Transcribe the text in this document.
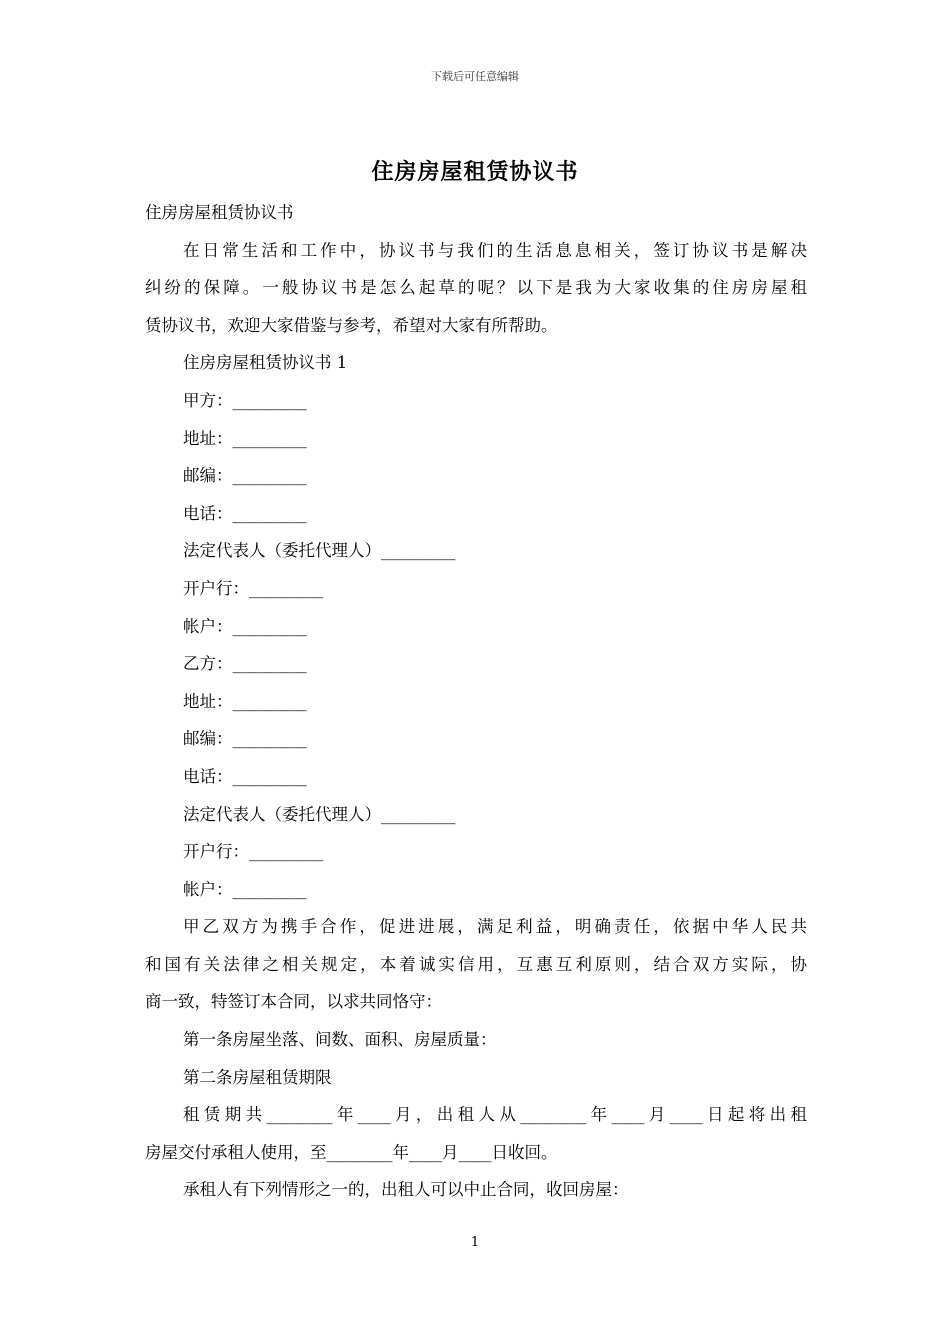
下载后可任意编辑
住房房屋租赁协议书
住房房屋租赁协议书
在日常生活和工作中，协议书与我们的生活息息相关，签订协议书是解决
纠纷的保障。一般协议书是怎么起草的呢？以下是我为大家收集的住房房屋租
赁协议书，欢迎大家借鉴与参考，希望对大家有所帮助。
住房房屋租赁协议书 1
甲方：_________
地址：_________
邮编：_________
电话：_________
法定代表人（委托代理人）_________
开户行：_________
帐户：_________
乙方：_________
地址：_________
邮编：_________
电话：_________
法定代表人（委托代理人）_________
开户行：_________
帐户：_________
甲乙双方为携手合作，促进进展，满足利益，明确责任，依据中华人民共
和国有关法律之相关规定，本着诚实信用，互惠互利原则，结合双方实际，协
商一致，特签订本合同，以求共同恪守：
第一条房屋坐落、间数、面积、房屋质量：
第二条房屋租赁期限
租赁期共________年____月，出租人从________年____月____日起将出租
房屋交付承租人使用，至________年____月____日收回。
承租人有下列情形之一的，出租人可以中止合同，收回房屋：
1
